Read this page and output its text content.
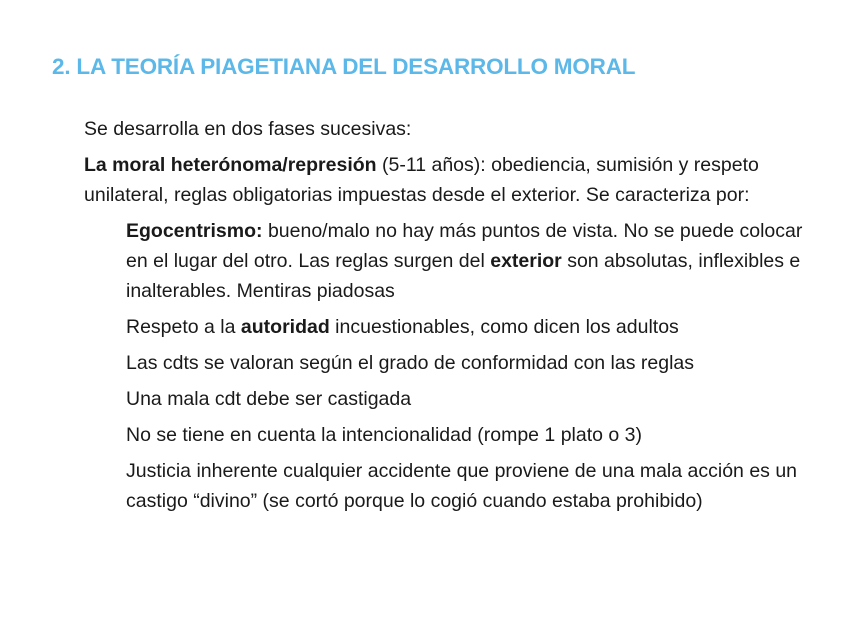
2. LA TEORÍA PIAGETIANA DEL DESARROLLO MORAL

Se desarrolla en dos fases sucesivas:

La moral heterónoma/represión (5-11 años): obediencia, sumisión y respeto unilateral, reglas obligatorias impuestas desde el exterior. Se caracteriza por:

Egocentrismo: bueno/malo no hay más puntos de vista. No se puede colocar en el lugar del otro. Las reglas surgen del exterior son absolutas, inflexibles e inalterables. Mentiras piadosas

Respeto a la autoridad incuestionables, como dicen los adultos

Las cdts se valoran según el grado de conformidad con las reglas

Una mala cdt debe ser castigada

No se tiene en cuenta la intencionalidad (rompe 1 plato o 3)

Justicia inherente cualquier accidente que proviene de una mala acción es un castigo “divino” (se cortó porque lo cogió cuando estaba prohibido)
